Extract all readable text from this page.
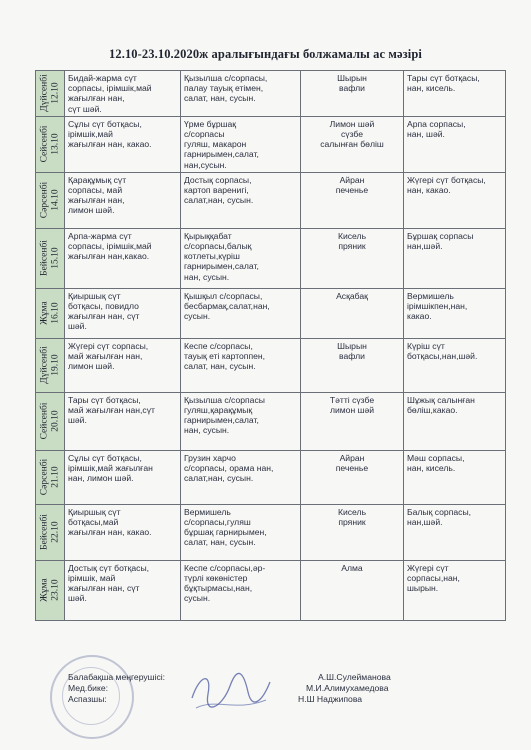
12.10-23.10.2020ж аралығындағы болжамалы ас мәзірі
Дүйсенбі 12.10	Бидай-жарма сүт
сорпасы, ірімшік,май
жағылған нан,
сүт шәй.	Қызылша с/сорпасы,
палау тауық етімен,
салат, нан, сусын.	Шырын
вафли	Тары сүт ботқасы,
нан, кисель.

Сейсенбі 13.10	Сұлы сүт ботқасы,
ірімшік,май
жағылған нан, какао.	Үрме бұршақ
с/сорпасы
гуляш, макарон
гарнирымен,салат,
нан,сусын.	Лимон шәй
сүзбе
салынған бөліш	Арпа сорпасы,
нан, шәй.

Сәрсенбі 14.10	Қарақұмық сүт
сорпасы, май
жағылған нан,
лимон шәй.	Достық сорпасы,
картоп варенигі,
салат,нан, сусын.	Айран
печенье	Жүгері сүт ботқасы,
нан, какао.

Бейсенбі 15.10	Арпа-жарма сүт
сорпасы, ірімшік,май
жағылған нан,какао.	Қырыққабат
с/сорпасы,балық
котлеты,күріш
гарнирымен,салат,
нан, сусын.	Кисель
пряник	Бұршақ сорпасы
нан,шәй.

Жұма 16.10	Қиыршық сүт
ботқасы, повидло
жағылған нан, сүт
шәй.	Қышқыл с/сорпасы,
бесбармақ,салат,нан,
сусын.	Асқабақ	Вермишель
ірімшікпен,нан,
какао.

Дүйсенбі 19.10	Жүгері сүт сорпасы,
май жағылған нан,
лимон шәй.	Кеспе с/сорпасы,
тауық еті картоппен,
салат, нан, сусын.	Шырын
вафли	Күріш сүт
ботқасы,нан,шәй.

Сейсенбі 20.10	Тары сүт ботқасы,
май жағылған нан,сүт
шәй.	Қызылша с/сорпасы
гуляш,қарақұмық
гарнирымен,салат,
нан, сусын.	Тәтті сүзбе
лимон шәй	Шұжық салынған
бөліш,какао.

Сәрсенбі 21.10	Сұлы сүт ботқасы,
ірімшік,май жағылған
нан, лимон шәй.	Грузин харчо
с/сорпасы, орама нан,
салат,нан, сусын.	Айран
печенье	Мәш сорпасы,
нан, кисель.

Бейсенбі 22.10	Қиыршық сүт
ботқасы,май
жағылған нан, какао.	Вермишель
с/сорпасы,гуляш
бұршақ гарнирымен,
салат, нан, сусын.	Кисель
пряник	Балық сорпасы,
нан,шәй.

Жұма 23.10	Достық сүт ботқасы,
ірімшік, май
жағылған нан, сүт
шәй.	Кеспе с/сорпасы,әр-
түрлі көкөністер
бұқтырмасы,нан,
сусын.	Алма	Жүгері сүт
сорпасы,нан,
шырын.
Балабақша меңгерушісі:	А.Ш.Сулейманова
Мед.бике:	М.И.Алимухамедова
Аспазшы:	Н.Ш Наджипова
